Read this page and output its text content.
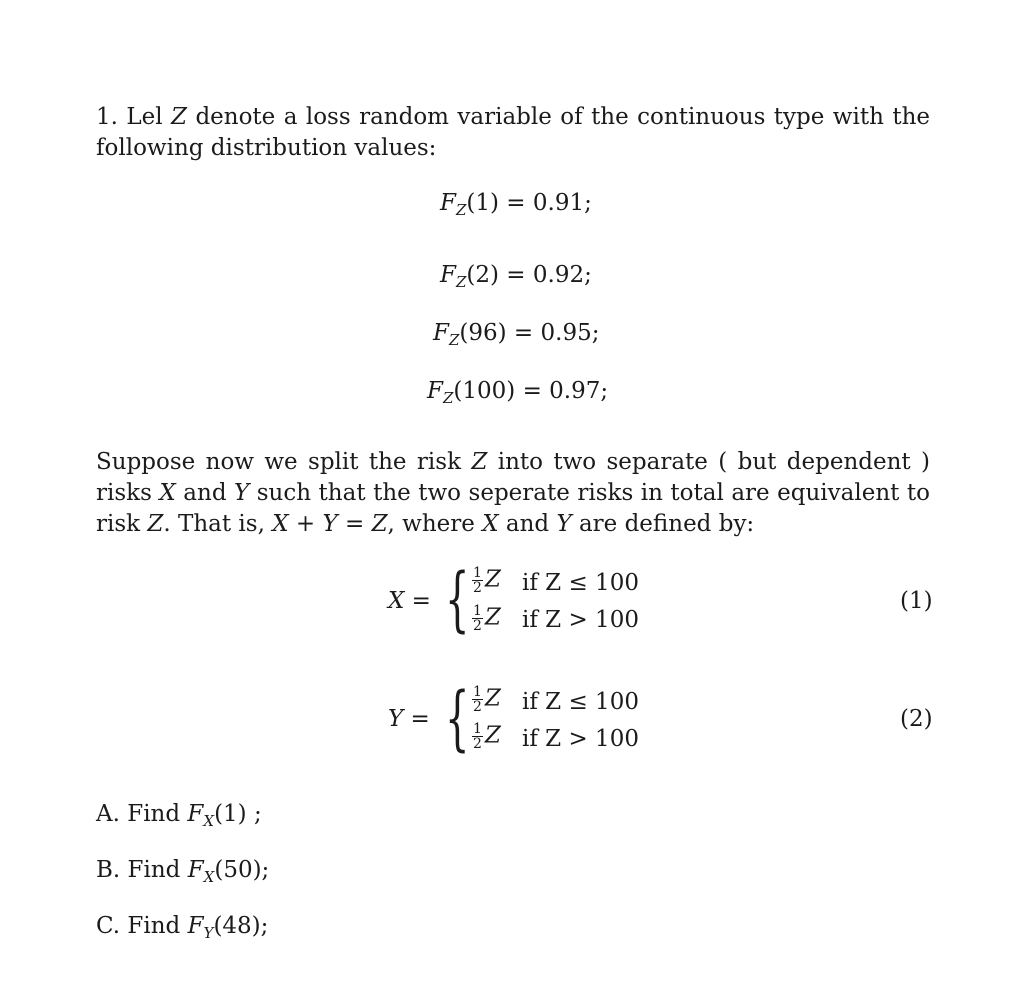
1. Lel Z denote a loss random variable of the continuous type with the following distribution values:
$F_Z(1) = 0.91$;
$F_Z(2) = 0.92$;
$F_Z(96) = 0.95$;
$F_Z(100) = 0.97$;
Suppose now we split the risk Z into two separate ( but dependent ) risks X and Y such that the two seperate risks in total are equivalent to risk Z. That is, X + Y = Z, where X and Y are defined by:
X = { $\frac{1}{2}$ Z if Z ≤ 100
$\frac{1}{2}$ Z if Z > 100
(1)
Y = { $\frac{1}{2}$ Z if Z ≤ 100
$\frac{1}{2}$ Z if Z > 100
(2)
A. Find $F_X(1)$ ;
B. Find $F_X(50)$;
C. Find $F_Y(48)$;
